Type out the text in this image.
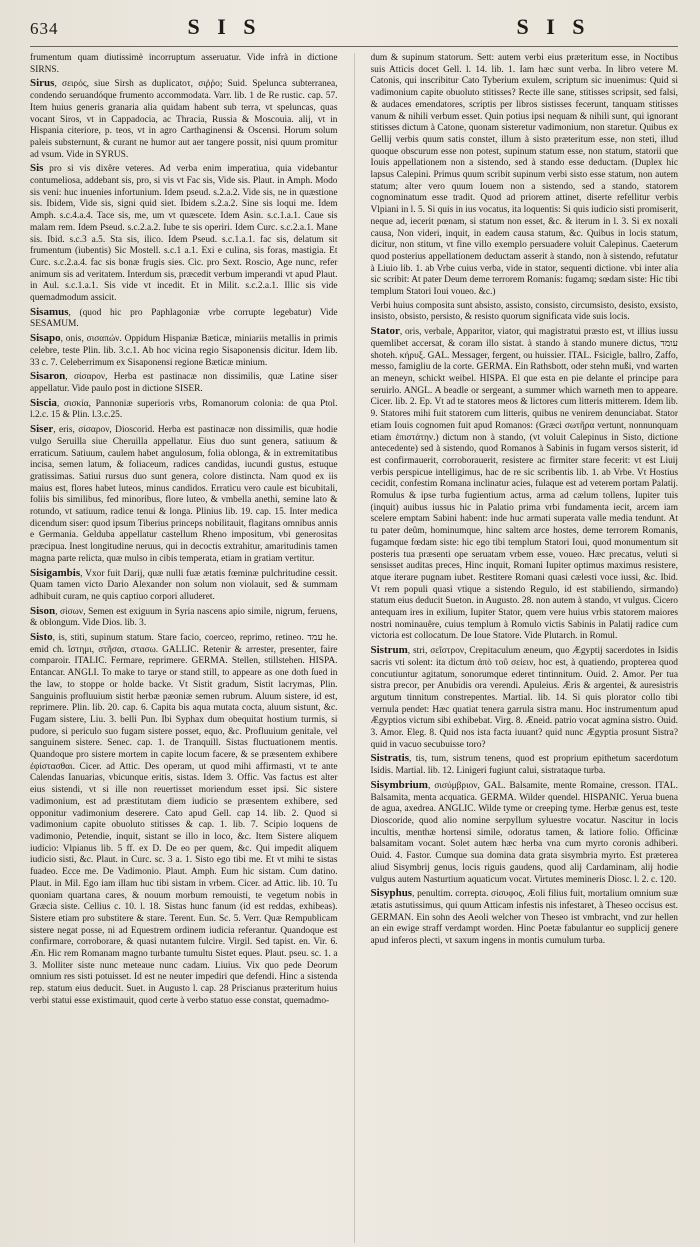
634	S I S	S I S

frumentum quam diutissimè incorruptum asseruatur. Vide infrà in dictione SIRNS.

Sirus, σειρός, siue Sirsh as duplicatoτ, σιῤῥο; Suid. Spelunca subterranea, condendo seruandóque frumento accommodata. Varr. lib. 1 de Re rustic. cap. 57. Item huius generis granaria alia quidam habent sub terra, vt speluncas, quas vocant Siros, vt in Cappadocia, ac Thracia, Russia & Moscouia. alij, vt in Hispania citeriore, p. teos, vt in agro Carthaginensi & Oscensi. Horum solum paleis substernunt, & curant ne humor aut aer tangere possit, nisi quum promitur ad vsum. Vide in SYRUS.

Sis pro si vis dixêre veteres. Ad verba enim imperatiua, quia videbantur contumeliosa, addebant sis, pro, si vis vt Fac sis, Vide sis. Plaut. in Amph. Modo sis veni: huc inuenies infortunium. Idem pseud. s.2.a.2. Vide sis, ne in quæstione sis. Ibidem, Vide sis, signi quid siet. Ibidem s.2.a.2. Sine sis loqui me. Idem Amph. s.c.4.a.4. Tace sis, me, um vt quæscete. Idem Asin. s.c.1.a.1. Caue sis malam rem. Idem Pseud. s.c.2.a.2. Iube te sis operiri. Idem Curc. s.c.2.a.1. Mane sis. Ibid. s.c.3 a.5. Sta sis, ilico. Idem Pseud. s.c.1.a.1. fac sis, delatum sit frumentum (iubentis) Sic Mostell. s.c.1 a.1. Exi e culina, sis foras, mastigia. Et Curc. s.c.2.a.4. fac sis bonæ frugis sies. Cic. pro Sext. Roscio, Age nunc, refer animum sis ad veritatem. Interdum sis, præcedit verbum imperandi vt apud Plaut. in Aul. s.c.1.a.1. Sis vide vt incedit. Et in Milit. s.c.2.a.1. Illic sis vide quemadmodum assicit.

Sisamus, (quod hic pro Paphlagoniæ vrbe corrupte legebatur) Vide SESAMUM.

Sisapo, onis, σισαπών. Oppidum Hispaniæ Bæticæ, miniariis metallis in primis celebre, teste Plin. lib. 3.c.1. Ab hoc vicina regio Sisaponensis dicitur. Idem lib. 33 c. 7. Celeberrimum ex Sisaponensi regione Bæticæ minium.

Sisaron, σίσαρον, Herba est pastinacæ non dissimilis, quæ Latine siser appellatur. Vide paulo post in dictione SISER.

Siscia, σισκία, Pannoniæ superioris vrbs, Romanorum colonia: de qua Ptol. l.2.c. 15 & Plin. l.3.c.25.

Siser, eris, σίσαρον, Dioscorid. Herba est pastinacæ non dissimilis, quæ hodie vulgo Seruilla siue Cheruilla appellatur. Eius duo sunt genera, satiuum & erraticum. Satiuum, caulem habet angulosum, folia oblonga, & in extremitatibus incisa, semen latum, & foliaceum, radices candidas, iucundi gustus, estuque gratissimas. Satiui rursus duo sunt genera, colore distincta. Nam quod ex iis maius est, flores habet luteos, minus candidos. Erraticu vero caule est bicubitali, foliis bis similibus, fed minoribus, flore luteo, & vmbella anethi, semine lato & rotundo, vt satiuum, radice tenui & longa. Plinius lib. 19. cap. 15. Inter medica dicendum siser: quod ipsum Tiberius princeps nobilitauit, flagitans omnibus annis e Germania. Gelduba appellatur castellum Rheno impositum, vbi generositas præcipua. Inest longitudine neruus, qui in decoctis extrahitur, amaritudinis tamen magna parte relicta, quæ mulso in cibis temperata, etiam in gratiam vertitur.

Sisigambis, Vxor fuit Darij, quæ nulli fuæ ætatis fœminæ pulchritudine cessit. Quam tamen victo Dario Alexander non solum non violauit, sed & summam adhibuit curam, ne quis captiuo corpori alluderet.

Sison, σίσων, Semen est exiguum in Syria nascens apio simile, nigrum, feruens, & oblongum. Vide Dios. lib. 3.

Sisto, is, stiti, supinum statum. Stare facio, coerceo, reprimo, retineo. עמד he. emid ch. ἵστημι, στῆσαι, στασω. GALLIC. Retenir & arrester, presenter, faire comparoir. ITALIC. Fermare, reprimere. GERMA. Stellen, stillstehen. HISPA. Entancar. ANGLI. To make to tarye or stand still, to appeare as one doth ſued in the law, to stoppe or holde backe. Vt Sistit gradum, Sistit lacrymas, Plin. Sanguinis profluuium sistit herbæ pæoniæ semen rubrum. Aluum sistere, id est, reprimere. Plin. lib. 20. cap. 6. Capita bis aqua mutata cocta, aluum sistunt, &c. Fugam sistere, Liu. 3. belli Pun. Ibi Syphax dum obequitat hostium turmis, si pudore, si periculo suo fugam sistere posset, equo, &c. Profluuium genitale, vel sanguinem sistere. Senec. cap. 1. de Tranquill. Sistas fluctuationem mentis. Quandoque pro sistere mortem in capite locum facere, & se præsentem exhibere ἐφίστασθαι. Cicer. ad Attic. Des operam, ut quod mihi affirmasti, vt te ante Calendas Ianuarias, vbicunque eritis, sistas. Idem 3. Offic. Vas factus est alter eius sistendi, vt si ille non reuertisset moriendum esset ipsi. Sic sistere vadimonium, est ad præstitutam diem iudicio se præsentem exhibere, sed opponitur vadimonium deserere. Cato apud Gell. cap 14. lib. 2. Quod si vadimonium capite obuoluto stitisses & cap. 1. lib. 7. Scipio loquens de vadimonio, Petendie, inquit, sistant se illo in loco, &c. Item Sistere aliquem iudicio: Vlpianus lib. 5 ff. ex D. De eo per quem, &c. Qui impedit aliquem iudicio sisti, &c. Plaut. in Curc. sc. 3 a. 1. Sisto ego tibi me. Et vt mihi te sistas fuadeo. Ecce me. De Vadimonio. Plaut. Amph. Eum hic sistam. Cum datino. Plaut. in Mil. Ego iam illam huc tibi sistam in vrbem. Cicer. ad Attic. lib. 10. Tu quoniam quartana cares, & nouum morbum remouisti, te vegetum nobis in Græcia siste. Cellius c. 10. l. 18. Sistas hunc fanum (id est reddas, exhibeas). Sistere etiam pro substitere & stare. Terent. Eun. Sc. 5. Verr. Quæ Rempublicam sistere negat posse, ni ad Equestrem ordinem iudicia referantur. Quandoque est confirmare, corroborare, & quasi nutantem fulcire. Virgil. Sed tapist. en. Vir. 6. Æn. Hic rem Romanam magno turbante tumultu Sistet eques. Plaut. pseu. sc. 1. a 3. Molliter siste nunc meteaue nunc cadam. Liuius. Vix quo pede Deorum omnium res sisti potuisset. Id est ne neuter impediri que defendi. Hinc a sistenda rep. statum eius deducit. Suet. in Augusto l. cap. 28 Priscianus præteritum huius verbi statui esse existimauit, quod certe à verbo statuo esse constat, quemadmo-

dum & supinum statorum. Sett: autem verbi eius præteritum esse, in Noctibus suis Atticis docet Gell. l. 14. lib. 1. Iam hæc sunt verba. In libro vetere M. Catonis, qui inscribitur Cato Tyberium exulem, scriptum sic inuenimus: Quid si vadimonium capite obuoluto stitisses? Recte ille sane, stitisses scripsit, sed falsi, & audaces emendatores, scriptis per libros sistisses fecerunt, tanquam stitisses vanum & nihili verbum esset. Quin potius ipsi nequam & nihili sunt, qui ignorant stitisses dictum à Catone, quonam sisteretur vadimonium, non staretur. Quibus ex Gellij verbis quum satis constet, illum à sisto præteritum esse, non steti, illud quoque obscurum esse non potest, supinum statum esse, non statum, statorii que Iouis appellationem non a sistendo, sed à stando esse deductam. (Duplex hic lapsus Calepini. Primus quum scribit supinum verbi sisto esse statum, non autem statum; alter vero quum Iouem non a sistendo, sed a stando, statorem cognominatum esse tradit. Quod ad priorem attinet, diserte refellitur verbis Vlpiani in l. 5. Si quis in ius vocatus, ita loquentis: Si quis iudicio sisti promiserit, neque ad, iecerit pœnam, si statum non esset, &c. & iterum in l. 3. Si ex noxali causa, Non videri, inquit, in eadem causa statum, &c. Quibus in locis statum, dicitur, non stitum, vt fine villo exemplo persuadere voluit Calepinus. Caeterum quod posterius appellationem deductam asserit à stando, non à sistendo, refutatur à Liuio lib. 1. ab Vrbe cuius verba, vide in stator, sequenti dictione. vbi inter alia sic scribit: At pater Deum deme terrorem Romanis: fugamq; sœdam siste: Hic tibi templum Statori Ioui voueo. &c.)

Verbi huius composita sunt absisto, assisto, consisto, circumsisto, desisto, exsisto, insisto, obsisto, persisto, & resisto quorum significata vide suis locis.

Stator, oris, verbale, Apparitor, viator, qui magistratui præsto est, vt illius iussu quemlibet accersat, & coram illo sistat. à stando à stando munere dictus, עומד shoteh. κήρυξ. GAL. Messager, fergent, ou huissier. ITAL. Fsicigle, ballro, Zaffo, messo, famigliu de la corte. GERMA. Ein Rathsbott, oder stehn mußi, vnd warten an meneyn, schickt weibel. HISPA. El que esta en pie delante el principe para seruirlo. ANGL. A beadle or sergeant, a summer which warneth men to appeare. Cicer. lib. 2. Ep. Vt ad te statores meos & lictores cum litteris mitterem. Idem lib. 9. Statores mihi fuit statorem cum litteris, quibus ne venirem denunciabat. Stator etiam Iouis cognomen fuit apud Romanos: (Græci σωτῆρα vertunt, nonnunquam etiam ἐπιστάτην.) dictum non à stando, (vt voluit Calepinus in Sisto, dictione antecedente) sed à sistendo, quod Romanos à Sabinis in fugam versos sisterit, id est confirmauerit, corroborauerit, resistere ac firmiter stare fecerit: vt est Liuij verbis perspicue intelligimus, hac de re sic scribentis lib. 1. ab Vrbe. Vt Hostius cecidit, confestim Romana inclinatur acies, fulaque est ad veterem portam Palatij. Romulus & ipse turba fugientium actus, arma ad cælum tollens, Iupiter tuis (inquit) auibus iussus hic in Palatio prima vrbi fundamenta iecit, arcem iam scelere emptam Sabini habent: inde huc armati superata valle media tendunt. At tu pater deûm, hominumque, hinc saltem arce hostes, deme terrorem Romanis, fugamque fœdam siste: hic ego tibi templum Statori Ioui, quod monumentum sit posteris tua præsenti ope seruatam vrbem esse, voueo. Hæc precatus, veluti si sensisset auditas preces, Hinc inquit, Romani Iupiter optimus maximus resistere, atque iterare pugnam iubet. Restitere Romani quasi cælesti voce iussi, &c. Ibid. Vt rem populi quasi vtique a sistendo Regulo, id est stabiliendo, sirmando) statum eius deducit Sueton. in Augusto. 28. non autem à stando, vt vulgus. Cicero antequam ires in exilium, Iupiter Stator, quem vere huius vrbis statorem maiores nostri nominauêre, cuius templum à Romulo victis Sabinis in Palatij radice cum victoria est collocatum. De Ioue Statore. Vide Plutarch. in Romul.

Sistrum, stri, σεῖστρον, Crepitaculum æneum, quo Ægyptij sacerdotes in Isidis sacris vti solent: ita dictum ἀπὸ τοῦ σείειν, hoc est, à quatiendo, propterea quod concutiuntur agitatum, sonorumque ederet tintinnitum. Ouid. 2. Amor. Per tua sistra precor, per Anubidis ora verendi. Apuleius. Æris & argentei, & auresistris argutum tinnitum constrepentes. Martial. lib. 14. Si quis plorator collo tibi vernula pendet: Hæc quatiat tenera garrula sistra manu. Hoc instrumentum apud Ægyptios victum sibi exhibebat. Virg. 8. Æneid. patrio vocat agmina sistro. Ouid. 3. Amor. Eleg. 8. Quid nos ista facta iuuant? quid nunc Ægyptia prosunt Sistra? quid in vacuo secubuisse toro?

Sistratis, tis, tum, sistrum tenens, quod est proprium epithetum sacerdotum Isidis. Martial. lib. 12. Linigeri fugiunt calui, sistrataque turba.

Sisymbrium, σισύμβριον, GAL. Balsamite, mente Romaine, cresson. ITAL. Balsamita, menta acquatica. GERMA. Wilder quendel. HISPANIC. Yerua buena de agua, axedrea. ANGLIC. Wilde tyme or creeping tyme. Herbæ genus est, teste Dioscoride, quod alio nomine serpyllum syluestre vocatur. Nascitur in locis incultis, menthæ hortensi simile, odoratus tamen, & latiore folio. Officinæ balsamitam vocant. Solet autem hæc herba vna cum myrto coronis adhiberi. Ouid. 4. Fastor. Cumque sua domina data grata sisymbria myrto. Est præterea aliud Sisymbrij genus, locis riguis gaudens, quod alij Cardaminam, alij hodie vulgus autem Nasturtium aquaticum vocat. Virtutes memineris Diosc. l. 2. c. 120.

Sisyphus, penultim. correpta. σίσυφος, Æoli filius fuit, mortalium omnium suæ ætatis astutissimus, qui quum Atticam infestis nis infestaret, à Theseo occisus est. GERMAN. Ein sohn des Aeoli welcher von Theseo ist vmbracht, vnd zur hellen an ein ewige straff verdampt worden. Hinc Poetæ fabulantur eo supplicij genere apud inferos plecti, vt saxum ingens in montis cumulum turba.
